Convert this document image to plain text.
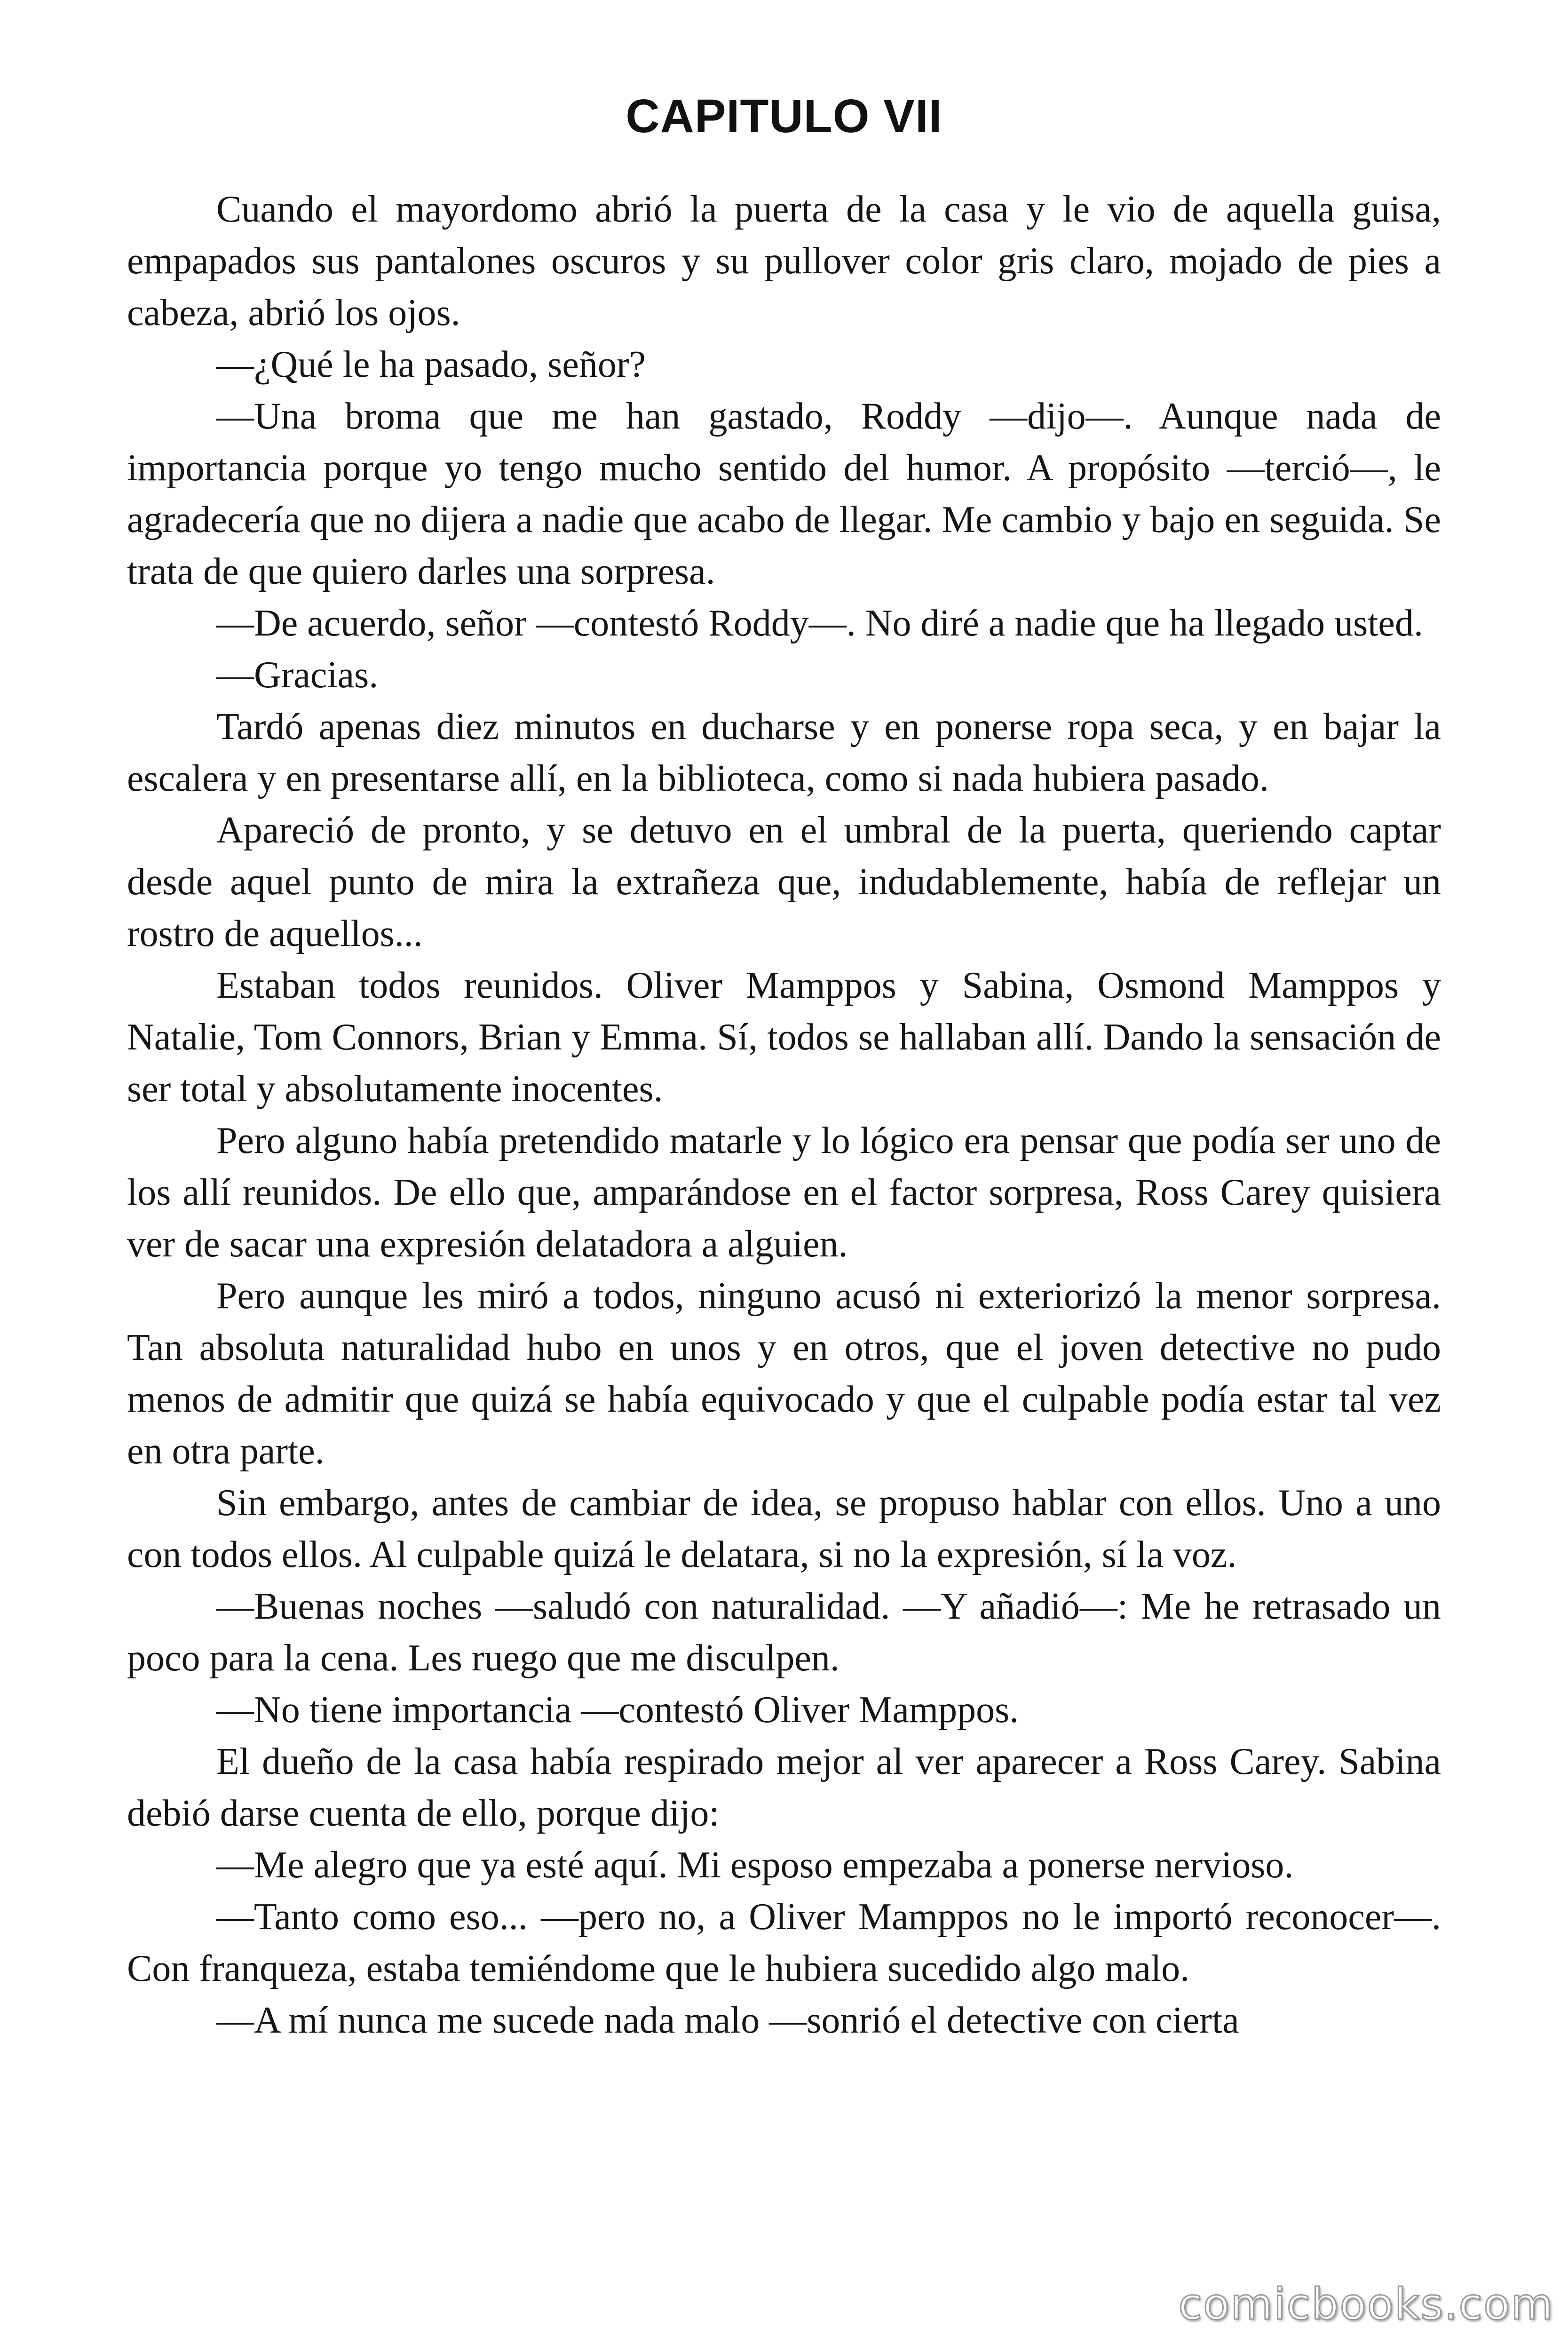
CAPITULO VII

Cuando el mayordomo abrió la puerta de la casa y le vio de aquella guisa, empapados sus pantalones oscuros y su pullover color gris claro, mojado de pies a cabeza, abrió los ojos.

—¿Qué le ha pasado, señor?

—Una broma que me han gastado, Roddy —dijo—. Aunque nada de importancia porque yo tengo mucho sentido del humor. A propósito —terció—, le agradecería que no dijera a nadie que acabo de llegar. Me cambio y bajo en seguida. Se trata de que quiero darles una sorpresa.

—De acuerdo, señor —contestó Roddy—. No diré a nadie que ha llegado usted.

—Gracias.

Tardó apenas diez minutos en ducharse y en ponerse ropa seca, y en bajar la escalera y en presentarse allí, en la biblioteca, como si nada hubiera pasado.

Apareció de pronto, y se detuvo en el umbral de la puerta, queriendo captar desde aquel punto de mira la extrañeza que, indudablemente, había de reflejar un rostro de aquellos...

Estaban todos reunidos. Oliver Mamppos y Sabina, Osmond Mamppos y Natalie, Tom Connors, Brian y Emma. Sí, todos se hallaban allí. Dando la sensación de ser total y absolutamente inocentes.

Pero alguno había pretendido matarle y lo lógico era pensar que podía ser uno de los allí reunidos. De ello que, amparándose en el factor sorpresa, Ross Carey quisiera ver de sacar una expresión delatadora a alguien.

Pero aunque les miró a todos, ninguno acusó ni exteriorizó la menor sorpresa. Tan absoluta naturalidad hubo en unos y en otros, que el joven detective no pudo menos de admitir que quizá se había equivocado y que el culpable podía estar tal vez en otra parte.

Sin embargo, antes de cambiar de idea, se propuso hablar con ellos. Uno a uno con todos ellos. Al culpable quizá le delatara, si no la expresión, sí la voz.

—Buenas noches —saludó con naturalidad. —Y añadió—: Me he retrasado un poco para la cena. Les ruego que me disculpen.

—No tiene importancia —contestó Oliver Mamppos.

El dueño de la casa había respirado mejor al ver aparecer a Ross Carey. Sabina debió darse cuenta de ello, porque dijo:

—Me alegro que ya esté aquí. Mi esposo empezaba a ponerse nervioso.

—Tanto como eso... —pero no, a Oliver Mamppos no le importó reconocer—. Con franqueza, estaba temiéndome que le hubiera sucedido algo malo.

—A mí nunca me sucede nada malo —sonrió el detective con cierta

comicbooks.com
